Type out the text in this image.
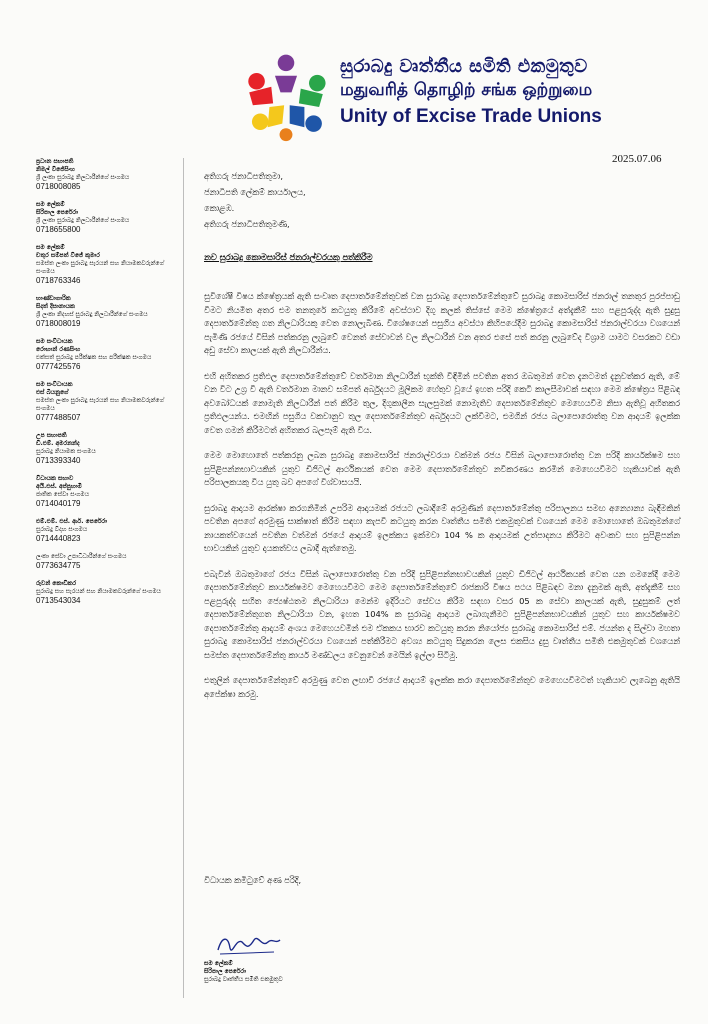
සුරාබදු වෘත්තීය සමිති එකමුතුව
மதுவரித் தொழிற் சங்க ஒற்றுமை
Unity of Excise Trade Unions
2025.07.06
ප්‍රධාන සභාපති
නිමල් විජේසිංහ
ශ්‍රී ලංකා සුරාබදු නිලධාරීන්ගේ සංගමය
0718008085
සම ලේකම්
සිරිපාල පෙරේරා
ශ්‍රී ලංකා සුරාබදු නිලධාරීන්ගේ සංගමය
0718655800
සම ලේකම්
චතුර සම්පත් විජේ කුමාර
සමස්ත ලංකා සුරාබදු සැරයන් සහ නියාමකවරුන්ගේ සංගමය
0718763346
භාණ්ඩාගාරික
සිදත් දිසානායක
ශ්‍රී ලංකා නිදහස් සුරාබදු නිලධාරීන්ගේ සංගමය
0718008019
සම සංවිධායක
රොහාන් රණසිංහ
එක්සත් සුරාබදු පරීක්ෂක සහ පරීක්ෂක සංගමය
0777425576
සම සංවිධායක
එස් බියනුගේ
සමස්ත ලංකා සුරාබදු සැරයන් සහ නියාමකවරුන්ගේ සංගමය
0777488507
උප සභාපති
ඩී.එම්. අමරනන්ද
සුරාබදු නියාමක සංගමය
0713393340
විධායක සභාව
අයි.එස්. අප්පුහාමි
ජාතික සේවා සංගමය
0714040179
එම්.එම්. එස්. ආර්. පෙරේරා
සුරාබදු විදාහ සංගමය
0714440823
ලංකා සේවා උපාධිධාරීන්ගේ සංගමය
0773634775
රුවන් කොඩිකර
සුරාබදු සහ සැරයන් සහ නියාමකවරුන්ගේ සංගමය
0713543034
අතිගරු ජනාධිපතිතුමා,
ජනාධිපති ලේකම් කාර්යාලය,
කොළඹ.
අතිගරු ජනාධිපතිතුමණි,
නව සුරාබදු කොමසාරිස් ජනරාල්වරයකු පත්කිරීම

සුවිශේෂී විෂය ක්ෂේත්‍රයක් ඇති සංවෘත දෙපාර්තමේන්තුවක් වන සුරාබදු දෙපාර්තමේන්තුවේ සුරාබදු කොමසාරිස් ජනරාල් තනතුර පුරප්පාඩු වීමට නියමිත අතර එම තනතුරේ කටයුතු කිරීමේ අවස්ථාව දිගු කලක් තිස්සේ මෙම ක්ෂේත්‍රයේ අත්දැකීම් සහ පළපුරුද්ද ඇති සුදුසු දෙපාර්තමේන්තු ගත නිලධාරියකු වෙත නොලැබිණ. විශේෂයෙන් පසුගිය අවස්ථා කිහිපයේදීම සුරාබදු කොමසාරිස් ජනරාල්වරයා වශයෙන් පැමිණි රජයේ විසින් පත්කරනු ලැබුවේ වෙනත් සේවාවන් වල නිලධාරීන් වන අතර එසේ පත් කරනු ලැබුවේද විශ්‍රාම යාමට වසරකට වඩා අඩු සේවා කාලයක් ඇති නිලධාරීන්ය.

එහි අහිතකර ප්‍රතිඵල දෙපාර්තමේන්තුවේ වර්තමාන නිලධාරීන් භුක්ති විඳිමින් පවතින අතර ඔබතුමන් වෙත දැනටමත් දැනුවත්කර ඇති, මේ වන විට උග්‍ර වී ඇති වර්තමාන මානව සම්පත් අර්බුදයට මූලිකම හේතුව වූයේ ඉහත පරිදි කෙටි කාලසීමාවක් සඳහා මෙම ක්ෂේත්‍රය පිළිබඳ අවබෝධයක් නොමැති නිලධාරීන් පත් කිරීම තුල, දිගුකාලීන සැලසුමක් නොමැතිව දෙපාර්තමේන්තුව මෙහෙයවීම නිසා ඇතිවූ අහිතකර ප්‍රතිඵලයන්ය. එමඟින් පසුගිය වකවානුව තුල දෙපාර්තමේන්තුව අර්බුදයට ලක්වීමට, එමගින් රජය බලාපොරොත්තු වන ආදායම් ඉලක්ක වෙත ගමන් කිරීමටත් අහිතකර බලපෑම් ඇති විය.

මෙම මොහොතේ පත්කරනු ලබන සුරාබදු කොමසාරිස් ජනරාල්වරයා වක්මන් රජය විසින් බලාපොරොත්තු වන පරිදි කාර්යක්ෂම සහ සුපිළිපන්නභාවයකින් යුතුව ඩිජිටල් ආර්ථිකයක් වෙත මෙම දෙපාර්තමේන්තුව නවීකරණය කරමින් මෙහෙයවීමට හැකියාවක් ඇති පරිපාලකයකු විය යුතු බව අපගේ විශ්වාසයයි.

සුරාබදු ආදායම ආරක්ෂා කරගනිමින් උපරිම ආදායමක් රජයට ලබාදීමේ අරමුණින් දෙපාර්තමේන්තු පරිපාලනය සමඟ අන්‍යොන්‍ය බැඳීමකින් පවතින අපගේ අරමුණු සාක්ෂාත් කිරීම සඳහා කැපවී කටයුතු කරන වෘත්තීය සමිති එකමුතුවක් වශයෙන් මෙම මොහොතේ ඔබතුමන්ගේ නායකත්වයෙන් පවතින වත්මන් රජයේ ආදායම් ඉලක්කය ඉක්මවා 104 % ක ආදායමක් උත්පාදනය කිරීමට අවංකව සහ සුපිළිපන්න භාවයකින් යුතුව දායකත්වය ලබාදී ඇත්තෙමු.

එබැවින් ඔබතුමාගේ රජය විසින් බලාපොරොත්තු වන පරිදි සුපිළිපන්නභාවයකින් යුතුව ඩිජිටල් ආර්ථිකයක් වෙත යන ගමනේදී මෙම දෙපාර්තමේන්තුව කාර්යක්ෂමව මෙහෙයවීමට මෙම දෙපාර්තමේන්තුවේ රාජකාරි විෂය පථය පිළිබඳව මනා දැනුමක් ඇති, අත්දැකීම් සහ පළපුරුද්ද සහිත ජ්‍යෙෂ්ඨතම නිලධාරියා මෙන්ම ඉදිරියට සේවය කිරීම සඳහා වසර 05 ක සේවා කාලයක් ඇති, සුදුසුකම් ලත් දෙපාර්තමේන්තුගත නිලධාරියා වන, ඉහත 104% ක සුරාබදු ආදායම ලබාගැනීමට සුපිළිපන්නභාවයකින් යුතුව සහ කාර්යක්ෂමව දෙපාර්තමේන්තු ආදායම් අංශය මෙහෙයවමින් එම ඒකකය භාරව කටයුතු කරන නියෝජ්‍ය සුරාබදු කොමසාරිස් එම්. ජයන්ත ද සිල්වා මහතා සුරාබදු කොමසාරිස් ජනරාල්වරයා වශයෙන් පත්කිරීමට අවශ්‍ය කටයුතු සිදුකරන ලෙස එකසිය දුසු වෘත්තීය සමිති එකමුතුවක් වශයෙන් සමස්ත දෙපාර්තමේන්තු කාර්ය මණ්ඩලය වෙනුවෙන් මෙයින් ඉල්ලා සිටිමු.

එතුලින් දෙපාර්තමේන්තුවේ අරමුණු වෙත ලඟාවී රජයේ ආදායම් ඉලක්ක කරා දෙපාර්තමේන්තුව මෙහෙයවීමටත් හැකියාව ලැබෙනු ඇතියි අපේක්ෂා කරමු.

විධායක කමිටුවේ අණ පරිදි,
සම ලේකම්
සිරිපාල පෙරේරා
සුරාබදු වෘත්තීය සමිති එකමුතුව
